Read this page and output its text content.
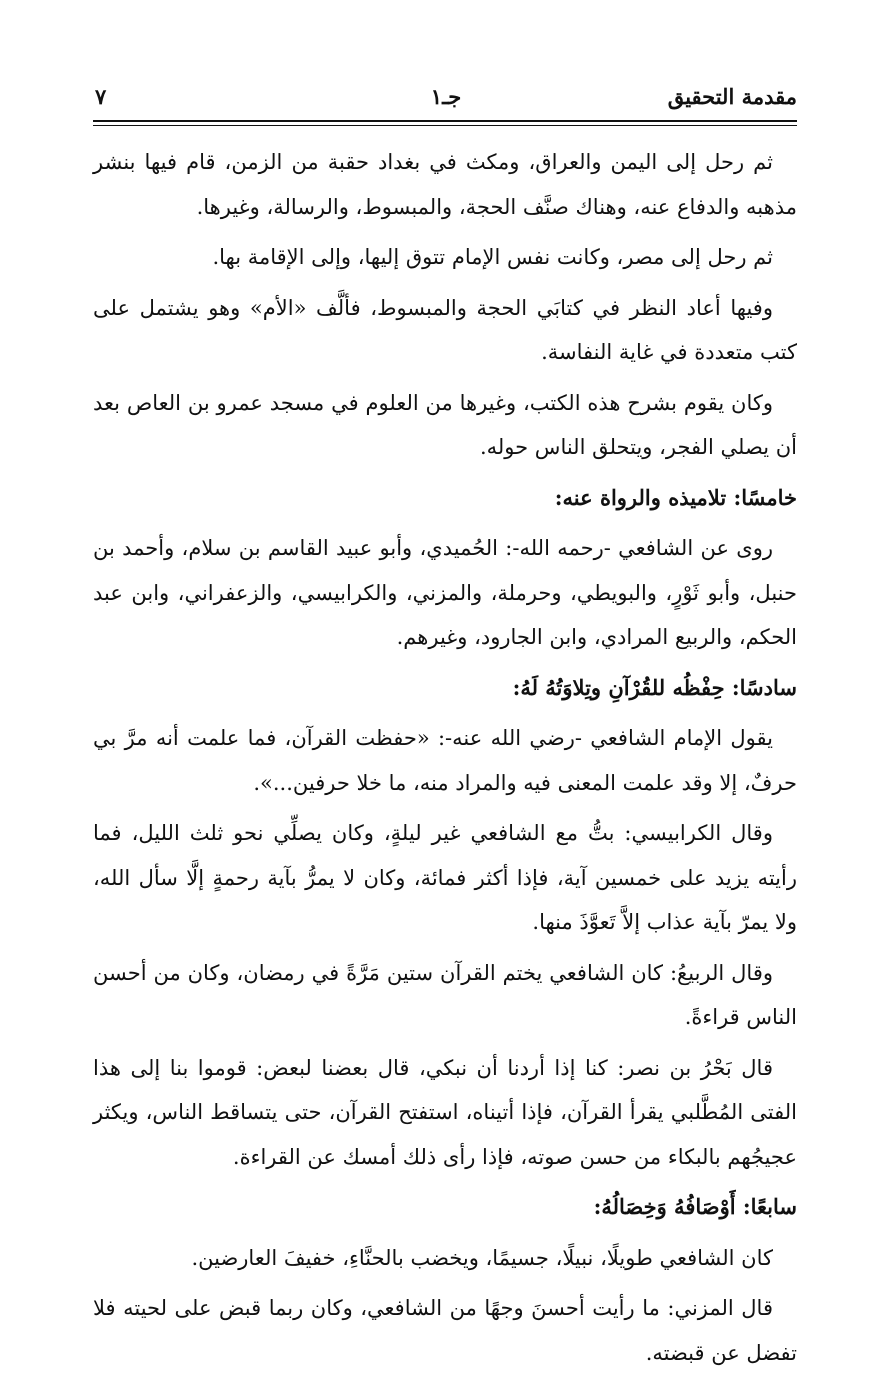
مقدمة التحقيق
جـ١
٧

ثم رحل إلى اليمن والعراق، ومكث في بغداد حقبة من الزمن، قام فيها بنشر مذهبه والدفاع عنه، وهناك صنَّف الحجة، والمبسوط، والرسالة، وغيرها.

ثم رحل إلى مصر، وكانت نفس الإمام تتوق إليها، وإلى الإقامة بها.

وفيها أعاد النظر في كتابَي الحجة والمبسوط، فألَّف «الأم» وهو يشتمل على كتب متعددة في غاية النفاسة.

وكان يقوم بشرح هذه الكتب، وغيرها من العلوم في مسجد عمرو بن العاص بعد أن يصلي الفجر، ويتحلق الناس حوله.

خامسًا: تلاميذه والرواة عنه:

روى عن الشافعي -رحمه الله-: الحُميدي، وأبو عبيد القاسم بن سلام، وأحمد بن حنبل، وأبو ثَوْرٍ، والبويطي، وحرملة، والمزني، والكرابيسي، والزعفراني، وابن عبد الحكم، والربيع المرادي، وابن الجارود، وغيرهم.

سادسًا: حِفْظُه للقُرْآنِ وتِلاوَتُهُ لَهُ:

يقول الإمام الشافعي -رضي الله عنه-: «حفظت القرآن، فما علمت أنه مرَّ بي حرفٌ، إلا وقد علمت المعنى فيه والمراد منه، ما خلا حرفين...».

وقال الكرابيسي: بتُّ مع الشافعي غير ليلةٍ، وكان يصلِّي نحو ثلث الليل، فما رأيته يزيد على خمسين آية، فإذا أكثر فمائة، وكان لا يمرُّ بآية رحمةٍ إلَّا سأل الله، ولا يمرّ بآية عذاب إلاَّ تَعوَّذَ منها.

وقال الربيعُ: كان الشافعي يختم القرآن ستين مَرَّةً في رمضان، وكان من أحسن الناس قراءةً.

قال بَحْرُ بن نصر: كنا إذا أردنا أن نبكي، قال بعضنا لبعض: قوموا بنا إلى هذا الفتى المُطَّلبي يقرأ القرآن، فإذا أتيناه، استفتح القرآن، حتى يتساقط الناس، ويكثر عجيجُهم بالبكاء من حسن صوته، فإذا رأى ذلك أمسك عن القراءة.

سابعًا: أَوْصَافُهُ وَخِصَالُهُ:

كان الشافعي طويلًا، نبيلًا، جسيمًا، ويخضب بالحنَّاءِ، خفيفَ العارضين.

قال المزني: ما رأيت أحسنَ وجهًا من الشافعي، وكان ربما قبض على لحيته فلا تفضل عن قبضته.
